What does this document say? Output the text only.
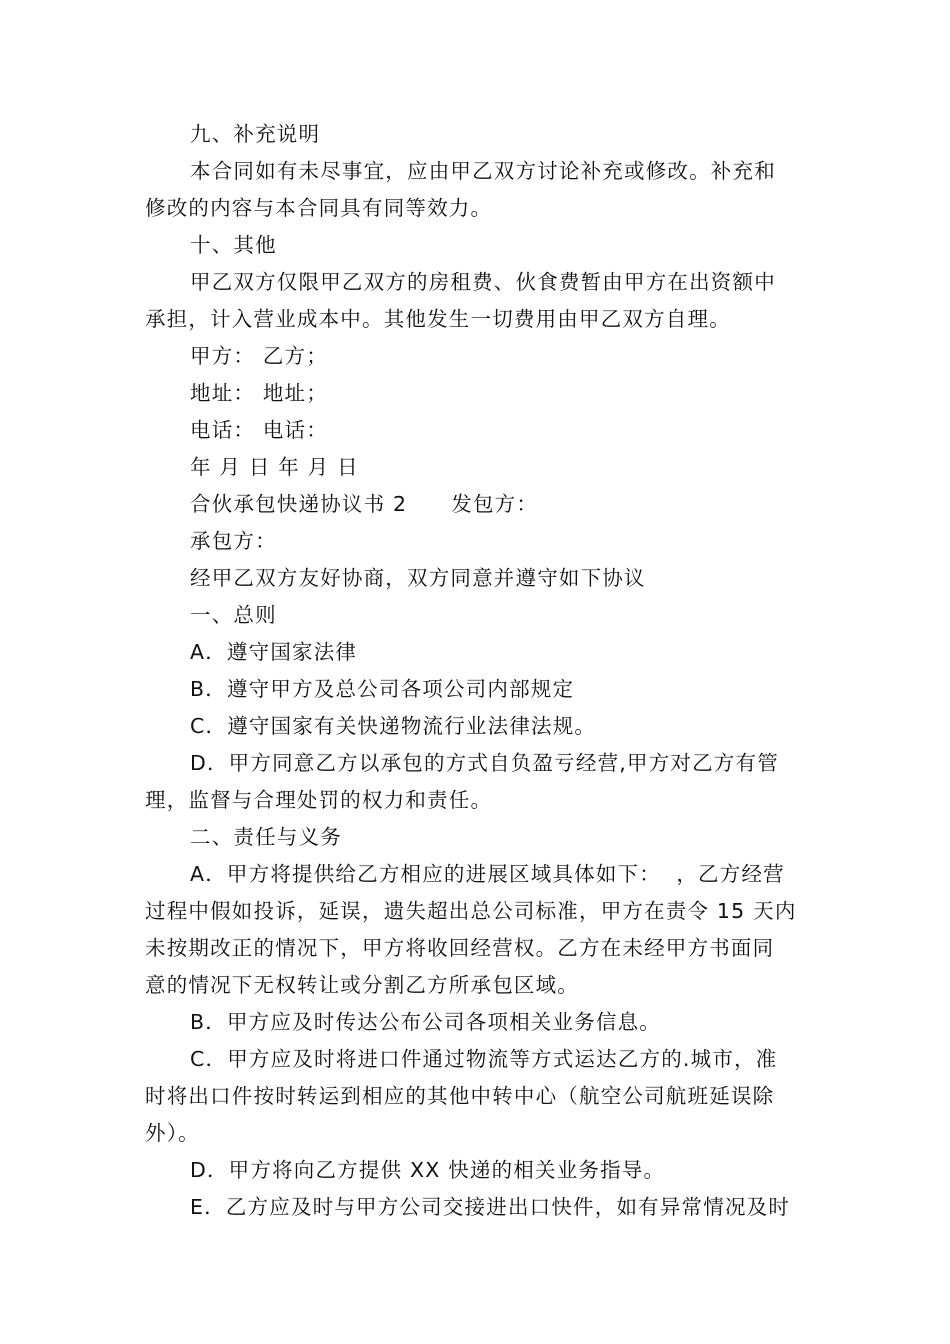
九、补充说明
本合同如有未尽事宜，应由甲乙双方讨论补充或修改。补充和
修改的内容与本合同具有同等效力。
十、其他
甲乙双方仅限甲乙双方的房租费、伙食费暂由甲方在出资额中
承担，计入营业成本中。其他发生一切费用由甲乙双方自理。
甲方： 乙方；
地址： 地址；
电话： 电话：
年 月 日 年 月 日
合伙承包快递协议书 2 发包方：
承包方：
经甲乙双方友好协商，双方同意并遵守如下协议
一、总则
A．遵守国家法律
B．遵守甲方及总公司各项公司内部规定
C．遵守国家有关快递物流行业法律法规。
D．甲方同意乙方以承包的方式自负盈亏经营,甲方对乙方有管
理，监督与合理处罚的权力和责任。
二、责任与义务
A．甲方将提供给乙方相应的进展区域具体如下：  ，乙方经营
过程中假如投诉，延误，遗失超出总公司标准，甲方在责令 15 天内
未按期改正的情况下，甲方将收回经营权。乙方在未经甲方书面同
意的情况下无权转让或分割乙方所承包区域。
B．甲方应及时传达公布公司各项相关业务信息。
C．甲方应及时将进口件通过物流等方式运达乙方的.城市，准
时将出口件按时转运到相应的其他中转中心（航空公司航班延误除
外）。
D．甲方将向乙方提供 XX 快递的相关业务指导。
E．乙方应及时与甲方公司交接进出口快件，如有异常情况及时
